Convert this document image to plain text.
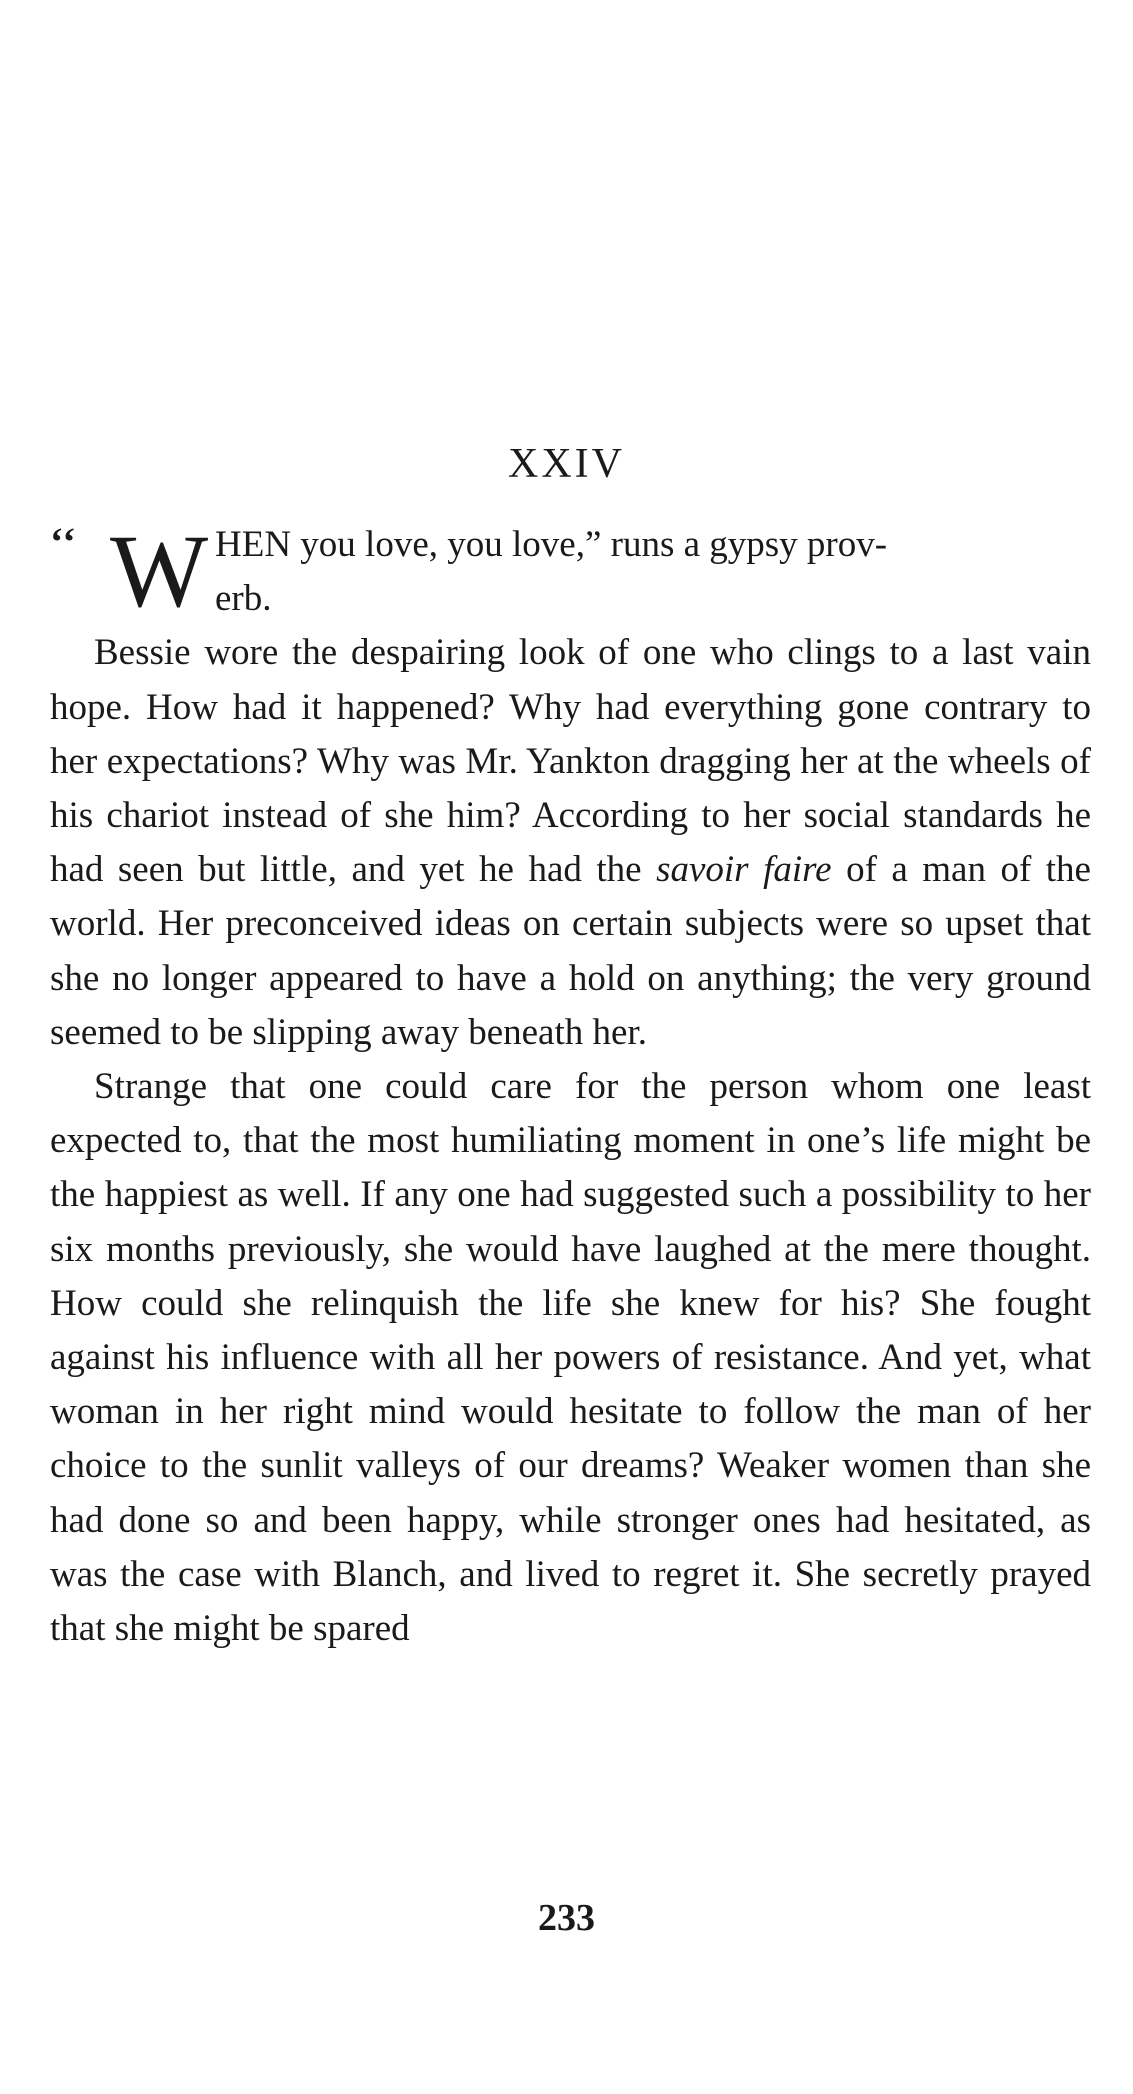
XXIV

‘‘ W HEN you love, you love,” runs a gypsy prov-
erb.

Bessie wore the despairing look of one who clings to a last vain hope. How had it happened? Why had everything gone contrary to her expectations? Why was Mr. Yankton dragging her at the wheels of his chariot instead of she him? According to her social standards he had seen but little, and yet he had the savoir faire of a man of the world. Her preconceived ideas on certain subjects were so upset that she no longer appeared to have a hold on anything; the very ground seemed to be slipping away beneath her.

Strange that one could care for the person whom one least expected to, that the most humiliating moment in one’s life might be the happiest as well. If any one had suggested such a possibility to her six months previously, she would have laughed at the mere thought. How could she relinquish the life she knew for his? She fought against his influence with all her powers of resistance. And yet, what woman in her right mind would hesitate to follow the man of her choice to the sunlit valleys of our dreams? Weaker women than she had done so and been happy, while stronger ones had hesitated, as was the case with Blanch, and lived to regret it. She secretly prayed that she might be spared

233
